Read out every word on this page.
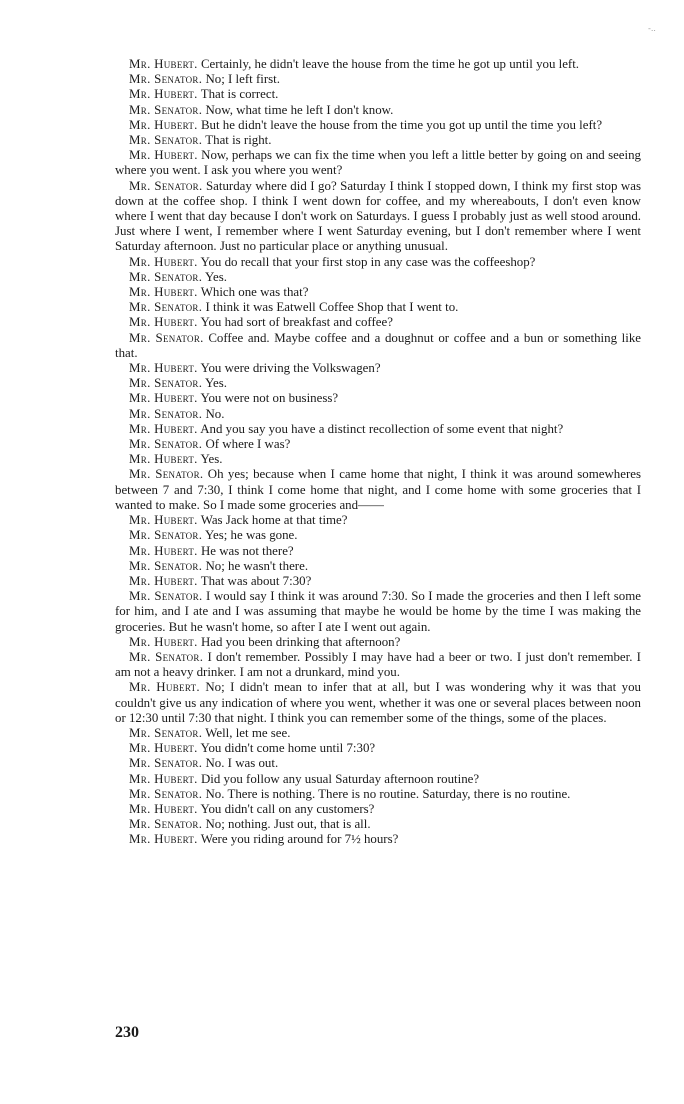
-..

Mr. Hubert. Certainly, he didn't leave the house from the time he got up until you left.

Mr. Senator. No; I left first.

Mr. Hubert. That is correct.

Mr. Senator. Now, what time he left I don't know.

Mr. Hubert. But he didn't leave the house from the time you got up until the time you left?

Mr. Senator. That is right.

Mr. Hubert. Now, perhaps we can fix the time when you left a little better by going on and seeing where you went. I ask you where you went?

Mr. Senator. Saturday where did I go? Saturday I think I stopped down, I think my first stop was down at the coffee shop. I think I went down for coffee, and my whereabouts, I don't even know where I went that day because I don't work on Saturdays. I guess I probably just as well stood around. Just where I went, I remember where I went Saturday evening, but I don't remember where I went Saturday afternoon. Just no particular place or anything unusual.

Mr. Hubert. You do recall that your first stop in any case was the coffeeshop?

Mr. Senator. Yes.

Mr. Hubert. Which one was that?

Mr. Senator. I think it was Eatwell Coffee Shop that I went to.

Mr. Hubert. You had sort of breakfast and coffee?

Mr. Senator. Coffee and. Maybe coffee and a doughnut or coffee and a bun or something like that.

Mr. Hubert. You were driving the Volkswagen?

Mr. Senator. Yes.

Mr. Hubert. You were not on business?

Mr. Senator. No.

Mr. Hubert. And you say you have a distinct recollection of some event that night?

Mr. Senator. Of where I was?

Mr. Hubert. Yes.

Mr. Senator. Oh yes; because when I came home that night, I think it was around somewheres between 7 and 7:30, I think I come home that night, and I come home with some groceries that I wanted to make. So I made some groceries and——

Mr. Hubert. Was Jack home at that time?

Mr. Senator. Yes; he was gone.

Mr. Hubert. He was not there?

Mr. Senator. No; he wasn't there.

Mr. Hubert. That was about 7:30?

Mr. Senator. I would say I think it was around 7:30. So I made the groceries and then I left some for him, and I ate and I was assuming that maybe he would be home by the time I was making the groceries. But he wasn't home, so after I ate I went out again.

Mr. Hubert. Had you been drinking that afternoon?

Mr. Senator. I don't remember. Possibly I may have had a beer or two. I just don't remember. I am not a heavy drinker. I am not a drunkard, mind you.

Mr. Hubert. No; I didn't mean to infer that at all, but I was wondering why it was that you couldn't give us any indication of where you went, whether it was one or several places between noon or 12:30 until 7:30 that night. I think you can remember some of the things, some of the places.

Mr. Senator. Well, let me see.

Mr. Hubert. You didn't come home until 7:30?

Mr. Senator. No. I was out.

Mr. Hubert. Did you follow any usual Saturday afternoon routine?

Mr. Senator. No. There is nothing. There is no routine. Saturday, there is no routine.

Mr. Hubert. You didn't call on any customers?

Mr. Senator. No; nothing. Just out, that is all.

Mr. Hubert. Were you riding around for 7½ hours?

230
